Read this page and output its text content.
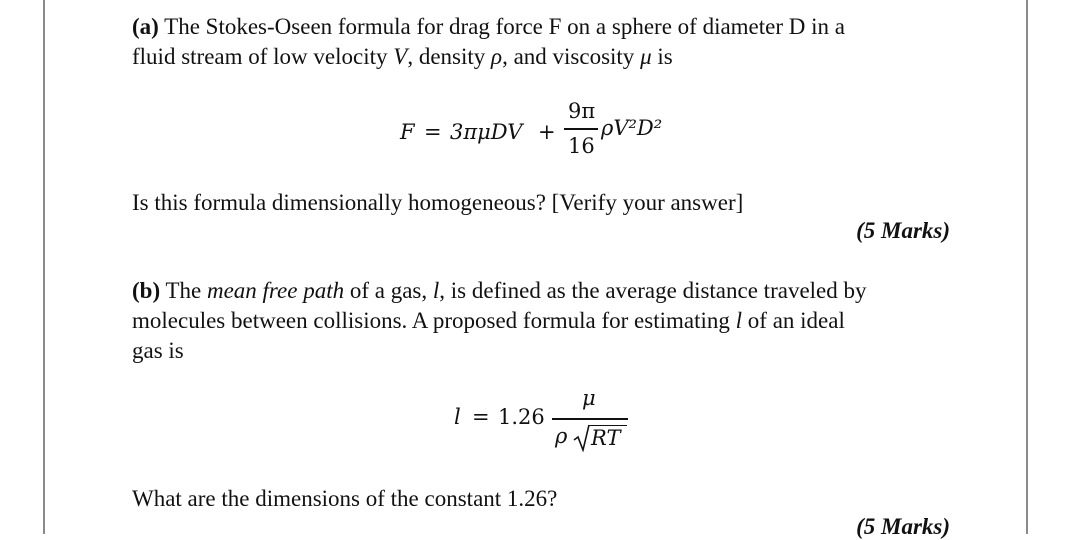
(a) The Stokes-Oseen formula for drag force F on a sphere of diameter D in a
fluid stream of low velocity V, density ρ, and viscosity μ is
F = 3πμDV +
9π
16
ρV²D²
Is this formula dimensionally homogeneous? [Verify your answer]
(5 Marks)
(b) The mean free path of a gas, l, is defined as the average distance traveled by
molecules between collisions. A proposed formula for estimating l of an ideal
gas is
l = 1.26
μ
ρ RT
What are the dimensions of the constant 1.26?
(5 Marks)
